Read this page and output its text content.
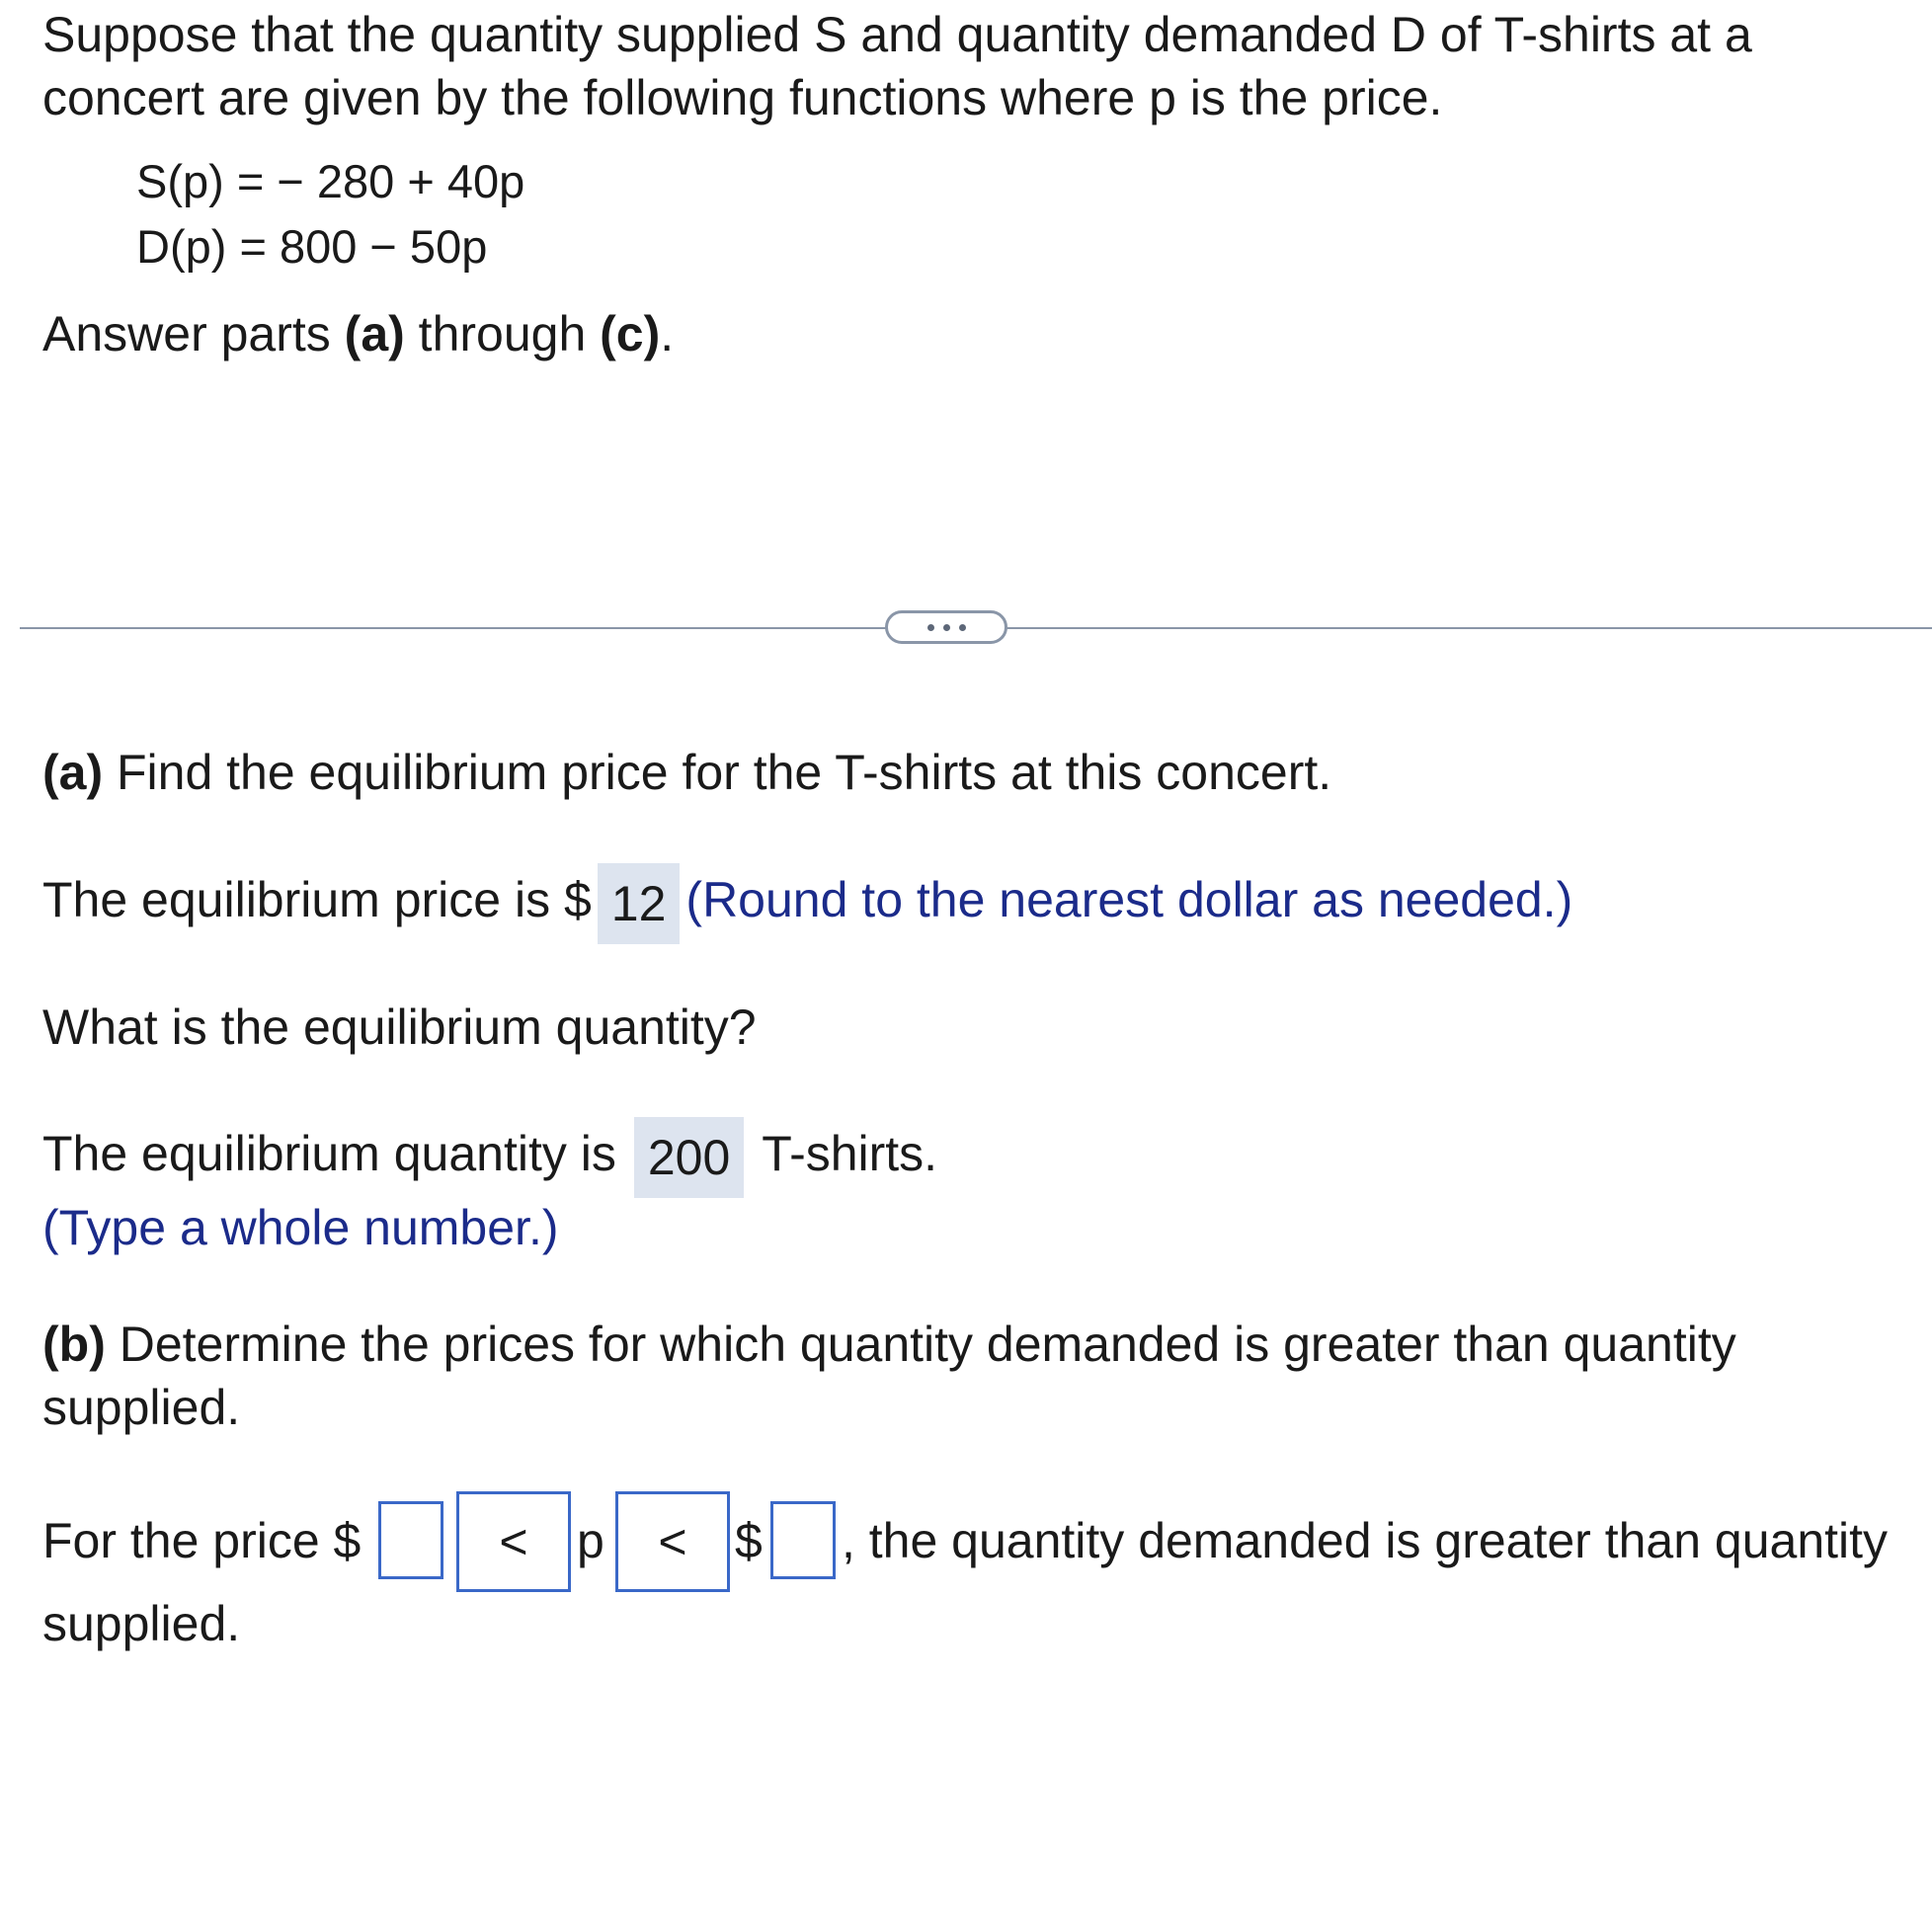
Suppose that the quantity supplied S and quantity demanded D of T-shirts at a
concert are given by the following functions where p is the price.
S(p) = − 280 + 40p
D(p) = 800 − 50p
Answer parts (a) through (c).
(a) Find the equilibrium price for the T-shirts at this concert.
The equilibrium price is $ 12 (Round to the nearest dollar as needed.)
What is the equilibrium quantity?
The equilibrium quantity is 200 T-shirts.
(Type a whole number.)
(b) Determine the prices for which quantity demanded is greater than quantity
supplied.
For the price $	< p	< $ , the quantity demanded is greater than quantity
supplied.
